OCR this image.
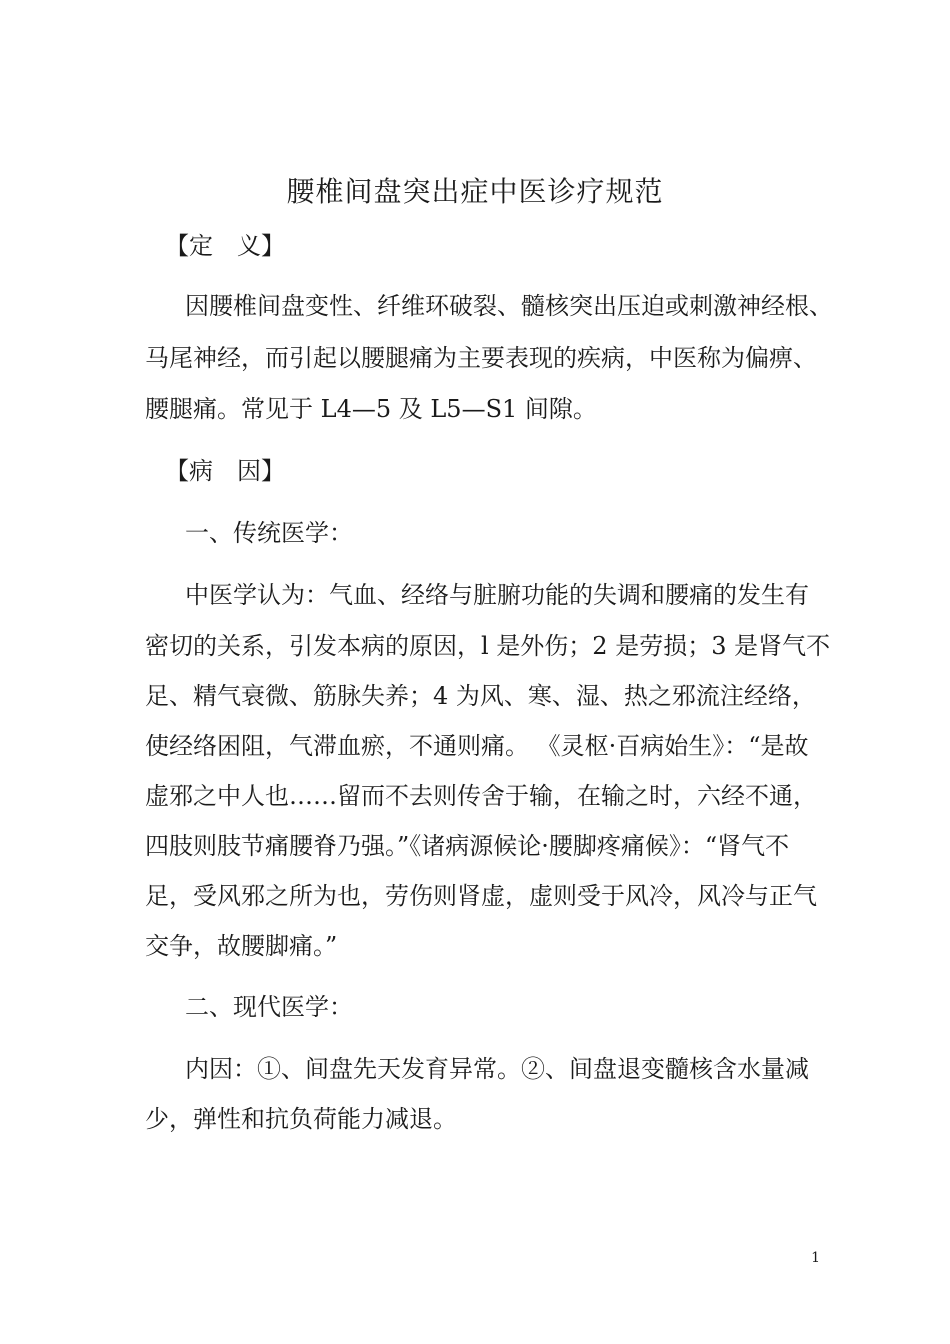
腰椎间盘突出症中医诊疗规范
【定　义】
因腰椎间盘变性、纤维环破裂、髓核突出压迫或刺激神经根、
马尾神经，而引起以腰腿痛为主要表现的疾病，中医称为偏痹、
腰腿痛。常见于 L4—5 及 L5—S1 间隙。
【病　因】
一、传统医学：
中医学认为：气血、经络与脏腑功能的失调和腰痛的发生有
密切的关系，引发本病的原因，l 是外伤；2 是劳损；3 是肾气不
足、精气衰微、筋脉失养；4 为风、寒、湿、热之邪流注经络，
使经络困阻，气滞血瘀，不通则痛。 《灵枢·百病始生》：“是故
虚邪之中人也……留而不去则传舍于输，在输之时，六经不通，
四肢则肢节痛腰脊乃强。”《诸病源候论·腰脚疼痛候》：“肾气不
足，受风邪之所为也，劳伤则肾虚，虚则受于风冷，风冷与正气
交争，故腰脚痛。”
二、现代医学：
内因：①、间盘先天发育异常。②、间盘退变髓核含水量减
少，弹性和抗负荷能力减退。
1
